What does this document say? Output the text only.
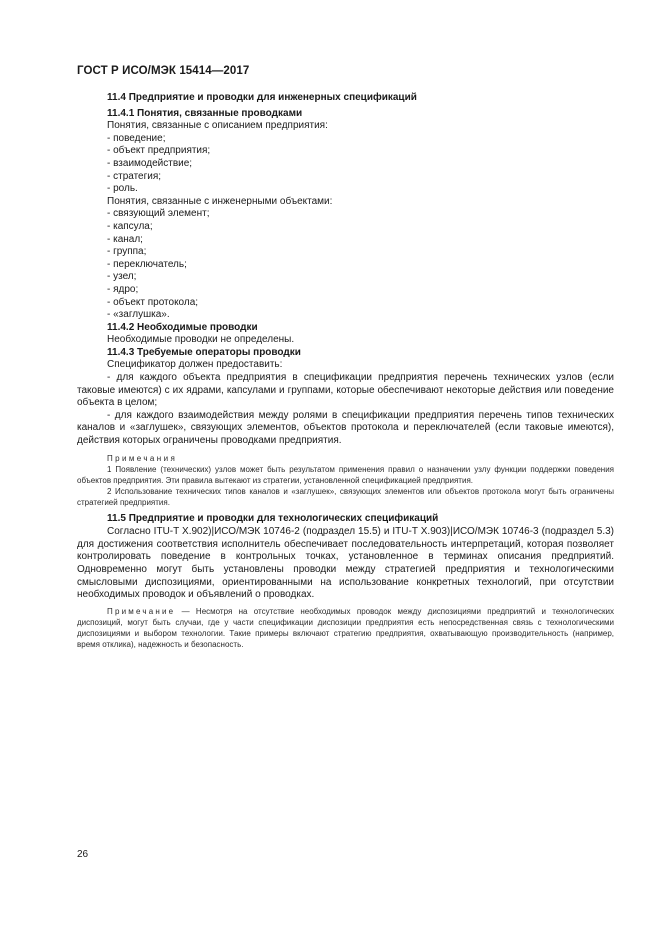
ГОСТ Р ИСО/МЭК 15414—2017
11.4 Предприятие и проводки для инженерных спецификаций
11.4.1 Понятия, связанные проводками
Понятия, связанные с описанием предприятия:
- поведение;
- объект предприятия;
- взаимодействие;
- стратегия;
- роль.
Понятия, связанные с инженерными объектами:
- связующий элемент;
- капсула;
- канал;
- группа;
- переключатель;
- узел;
- ядро;
- объект протокола;
- «заглушка».
11.4.2 Необходимые проводки
Необходимые проводки не определены.
11.4.3 Требуемые операторы проводки
Спецификатор должен предоставить:
- для каждого объекта предприятия в спецификации предприятия перечень технических узлов (если таковые имеются) с их ядрами, капсулами и группами, которые обеспечивают некоторые действия или поведение объекта в целом;
- для каждого взаимодействия между ролями в спецификации предприятия перечень типов технических каналов и «заглушек», связующих элементов, объектов протокола и переключателей (если таковые имеются), действия которых ограничены проводками предприятия.
Примечания
1 Появление (технических) узлов может быть результатом применения правил о назначении узлу функции поддержки поведения объектов предприятия. Эти правила вытекают из стратегии, установленной спецификацией предприятия.
2 Использование технических типов каналов и «заглушек», связующих элементов или объектов протокола могут быть ограничены стратегией предприятия.
11.5 Предприятие и проводки для технологических спецификаций
Согласно ITU-T X.902)|ИСО/МЭК 10746-2 (подраздел 15.5) и ITU-T X.903)|ИСО/МЭК 10746-3 (подраздел 5.3) для достижения соответствия исполнитель обеспечивает последовательность интерпретаций, которая позволяет контролировать поведение в контрольных точках, установленное в терминах описания предприятий. Одновременно могут быть установлены проводки между стратегией предприятия и технологическими смысловыми диспозициями, ориентированными на использование конкретных технологий, при отсутствии необходимых проводок и объявлений о проводках.
Примечание — Несмотря на отсутствие необходимых проводок между диспозициями предприятий и технологических диспозиций, могут быть случаи, где у части спецификации диспозиции предприятия есть непосредственная связь с технологическими диспозициями и выбором технологии. Такие примеры включают стратегию предприятия, охватывающую производительность (например, время отклика), надежность и безопасность.
26
